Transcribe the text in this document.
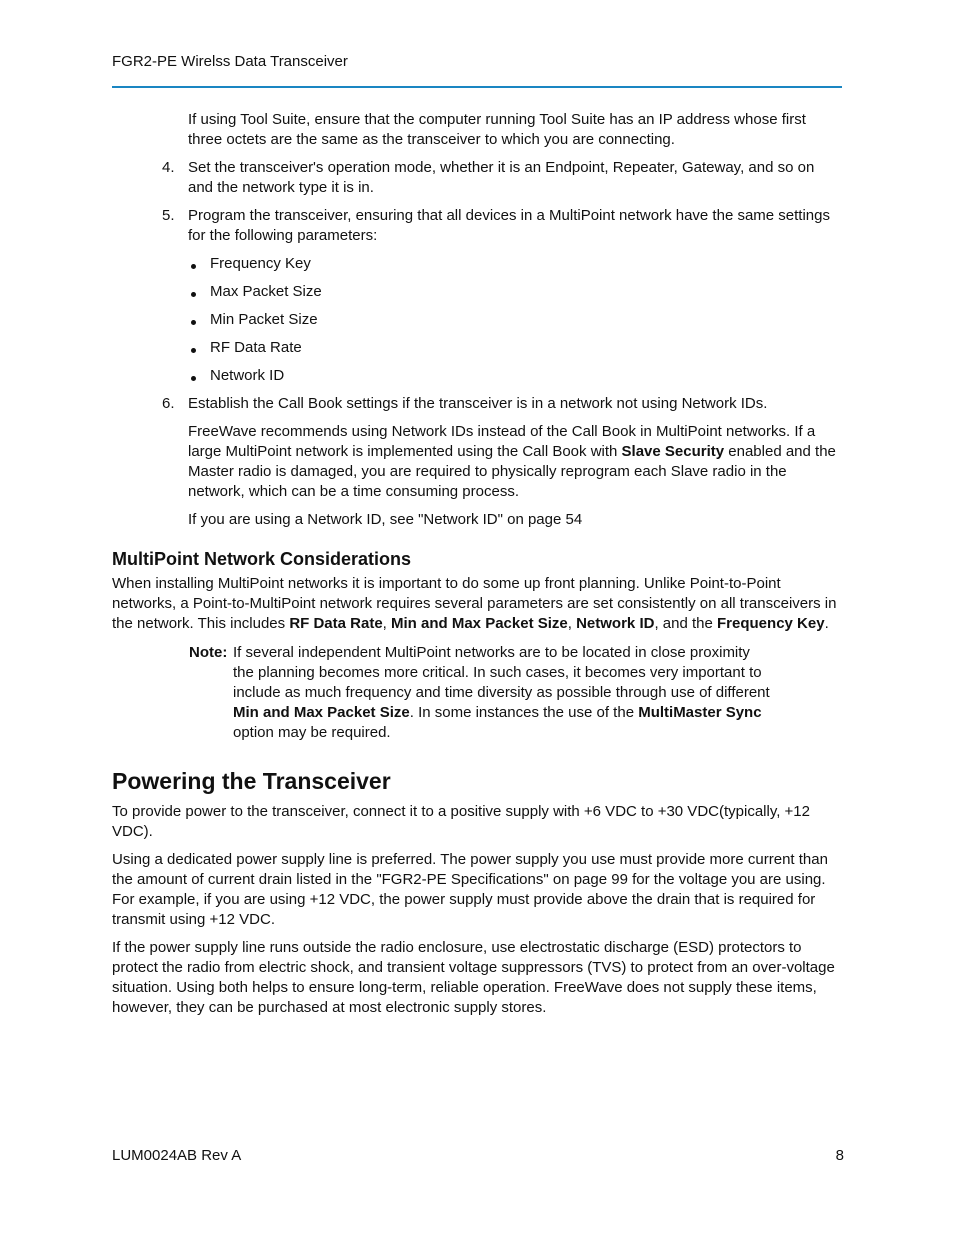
FGR2-PE Wirelss Data Transceiver

If using Tool Suite, ensure that the computer running Tool Suite has an IP address whose first three octets are the same as the transceiver to which you are connecting.

4. Set the transceiver's operation mode, whether it is an Endpoint, Repeater, Gateway, and so on and the network type it is in.

5. Program the transceiver, ensuring that all devices in a MultiPoint network have the same settings for the following parameters:

Frequency Key
Max Packet Size
Min Packet Size
RF Data Rate
Network ID
6. Establish the Call Book settings if the transceiver is in a network not using Network IDs.

FreeWave recommends using Network IDs instead of the Call Book in MultiPoint networks. If a large MultiPoint network is implemented using the Call Book with Slave Security enabled and the Master radio is damaged, you are required to physically reprogram each Slave radio in the network, which can be a time consuming process.

If you are using a Network ID, see "Network ID" on page 54

MultiPoint Network Considerations

When installing MultiPoint networks it is important to do some up front planning. Unlike Point-to-Point networks, a Point-to-MultiPoint network requires several parameters are set consistently on all transceivers in the network. This includes RF Data Rate, Min and Max Packet Size, Network ID, and the Frequency Key.

Note: If several independent MultiPoint networks are to be located in close proximity the planning becomes more critical. In such cases, it becomes very important to include as much frequency and time diversity as possible through use of different Min and Max Packet Size. In some instances the use of the MultiMaster Sync option may be required.

Powering the Transceiver

To provide power to the transceiver, connect it to a positive supply with +6 VDC to +30 VDC(typically, +12 VDC).

Using a dedicated power supply line is preferred. The power supply you use must provide more current than the amount of current drain listed in the "FGR2-PE Specifications" on page 99 for the voltage you are using. For example, if you are using +12 VDC, the power supply must provide above the drain that is required for transmit using +12 VDC.

If the power supply line runs outside the radio enclosure, use electrostatic discharge (ESD) protectors to protect the radio from electric shock, and transient voltage suppressors (TVS) to protect from an over-voltage situation. Using both helps to ensure long-term, reliable operation. FreeWave does not supply these items, however, they can be purchased at most electronic supply stores.

LUM0024AB Rev A	8
